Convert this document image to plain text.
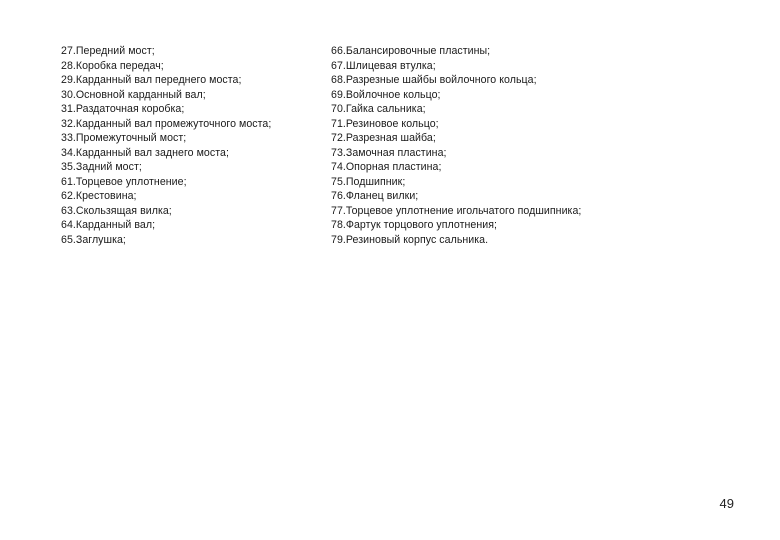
27.Передний мост;
28.Коробка передач;
29.Карданный вал переднего моста;
30.Основной карданный вал;
31.Раздаточная коробка;
32.Карданный вал промежуточного моста;
33.Промежуточный мост;
34.Карданный вал заднего моста;
35.Задний мост;
61.Торцевое уплотнение;
62.Крестовина;
63.Скользящая вилка;
64.Карданный вал;
65.Заглушка;
66.Балансировочные пластины;
67.Шлицевая втулка;
68.Разрезные шайбы войлочного кольца;
69.Войлочное кольцо;
70.Гайка сальника;
71.Резиновое кольцо;
72.Разрезная шайба;
73.Замочная пластина;
74.Опорная пластина;
75.Подшипник;
76.Фланец вилки;
77.Торцевое уплотнение игольчатого подшипника;
78.Фартук торцового уплотнения;
79.Резиновый корпус сальника.
49
